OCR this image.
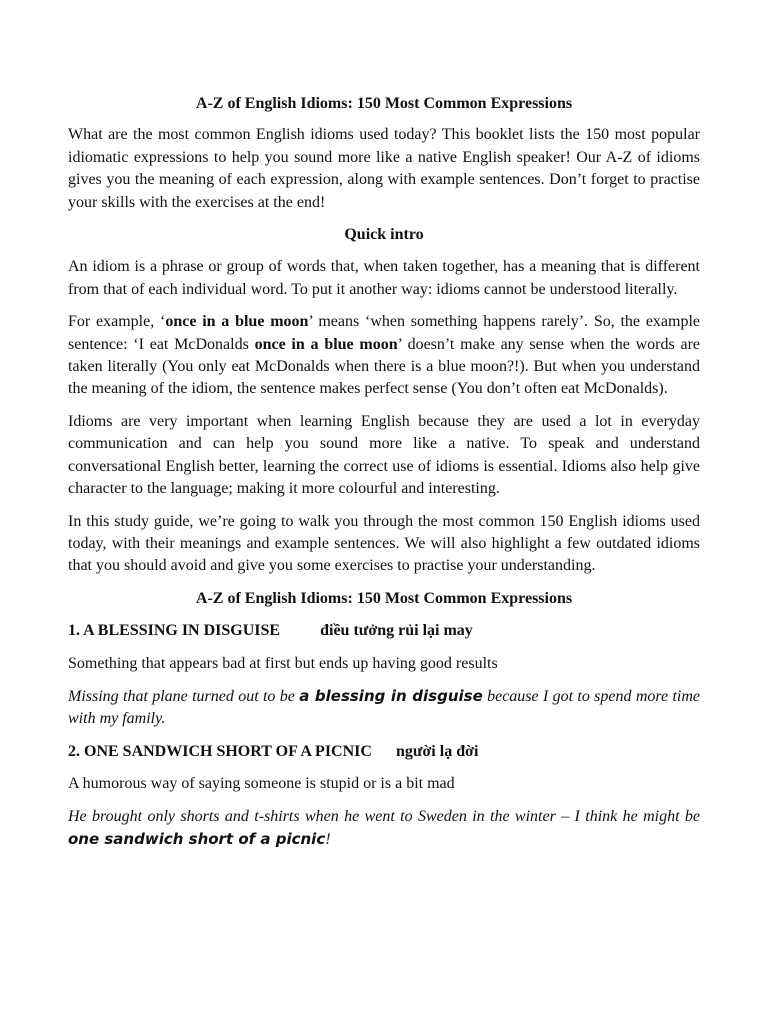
A-Z of English Idioms: 150 Most Common Expressions

What are the most common English idioms used today? This booklet lists the 150 most popular idiomatic expressions to help you sound more like a native English speaker! Our A-Z of idioms gives you the meaning of each expression, along with example sentences. Don’t forget to practise your skills with the exercises at the end!

Quick intro

An idiom is a phrase or group of words that, when taken together, has a meaning that is different from that of each individual word. To put it another way: idioms cannot be understood literally.

For example, ‘once in a blue moon’ means ‘when something happens rarely’. So, the example sentence: ‘I eat McDonalds once in a blue moon’ doesn’t make any sense when the words are taken literally (You only eat McDonalds when there is a blue moon?!). But when you understand the meaning of the idiom, the sentence makes perfect sense (You don’t often eat McDonalds).

Idioms are very important when learning English because they are used a lot in everyday communication and can help you sound more like a native. To speak and understand conversational English better, learning the correct use of idioms is essential. Idioms also help give character to the language; making it more colourful and interesting.

In this study guide, we’re going to walk you through the most common 150 English idioms used today, with their meanings and example sentences. We will also highlight a few outdated idioms that you should avoid and give you some exercises to practise your understanding.

A-Z of English Idioms: 150 Most Common Expressions

1. A BLESSING IN DISGUISE	điều tưởng rủi lại may

Something that appears bad at first but ends up having good results

Missing that plane turned out to be a blessing in disguise because I got to spend more time with my family.

2. ONE SANDWICH SHORT OF A PICNIC người lạ đời

A humorous way of saying someone is stupid or is a bit mad

He brought only shorts and t-shirts when he went to Sweden in the winter – I think he might be one sandwich short of a picnic!
